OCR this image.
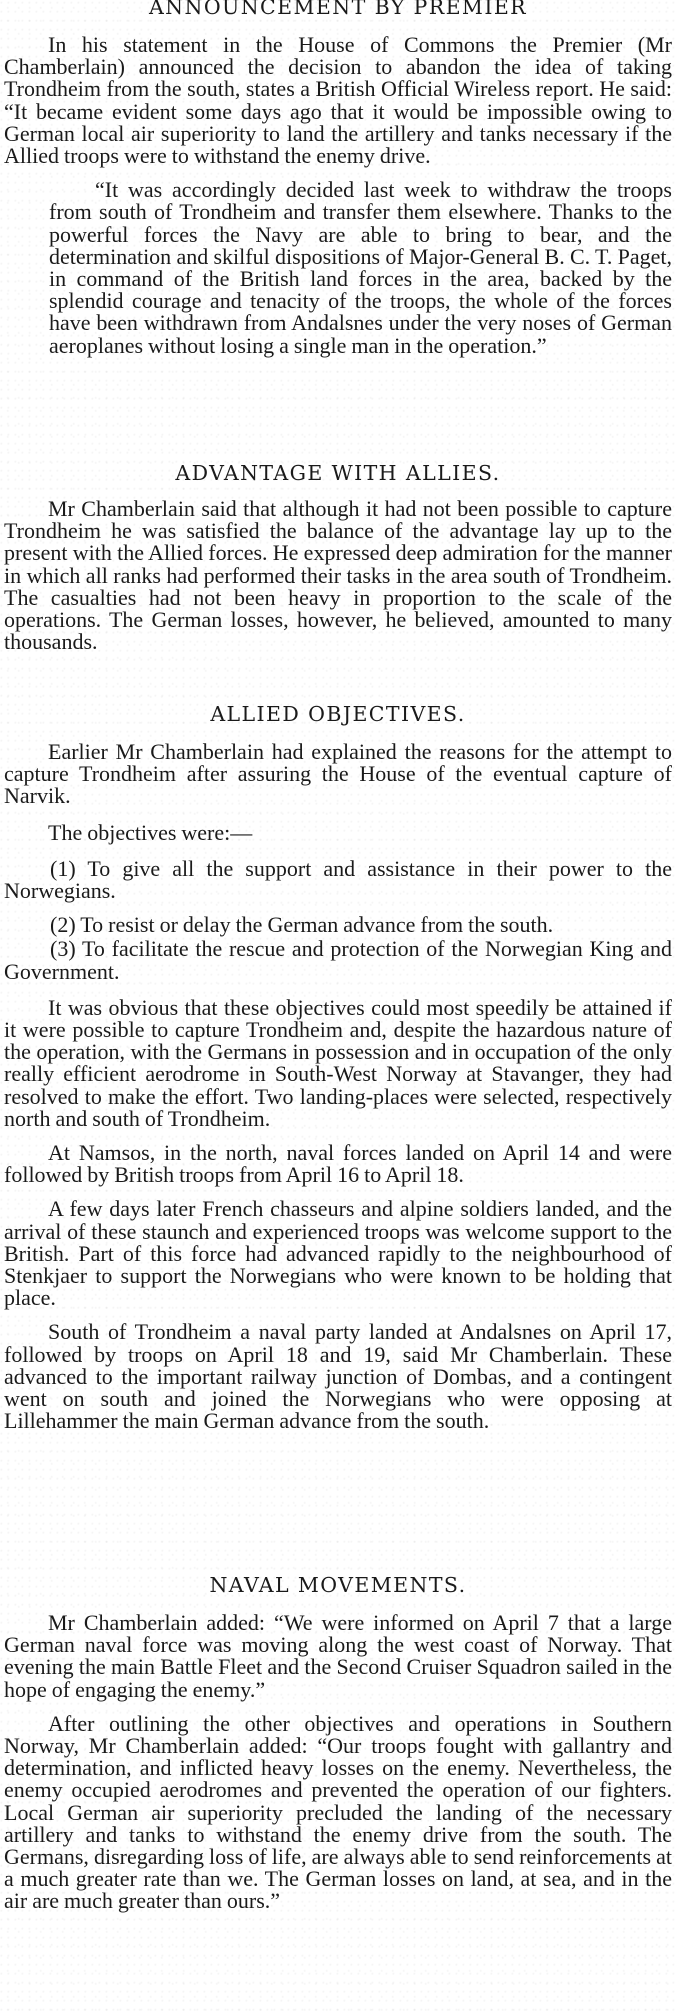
ANNOUNCEMENT BY PREMIER

In his statement in the House of Commons the Premier (Mr Chamberlain) announced the decision to abandon the idea of taking Trondheim from the south, states a British Official Wireless report. He said: “It became evident some days ago that it would be impossible owing to German local air superiority to land the artillery and tanks necessary if the Allied troops were to withstand the enemy drive.

“It was accordingly decided last week to withdraw the troops from south of Trondheim and transfer them elsewhere. Thanks to the powerful forces the Navy are able to bring to bear, and the determination and skilful dispositions of Major-General B. C. T. Paget, in command of the British land forces in the area, backed by the splendid courage and tenacity of the troops, the whole of the forces have been withdrawn from Andalsnes under the very noses of German aeroplanes without losing a single man in the operation.”

ADVANTAGE WITH ALLIES.

Mr Chamberlain said that although it had not been possible to capture Trondheim he was satisfied the balance of the advantage lay up to the present with the Allied forces. He expressed deep admiration for the manner in which all ranks had performed their tasks in the area south of Trondheim. The casualties had not been heavy in proportion to the scale of the operations. The German losses, however, he believed, amounted to many thousands.

ALLIED OBJECTIVES.

Earlier Mr Chamberlain had explained the reasons for the attempt to capture Trondheim after assuring the House of the eventual capture of Narvik.

The objectives were:—

(1) To give all the support and assistance in their power to the Norwegians.

(2) To resist or delay the German advance from the south.

(3) To facilitate the rescue and protection of the Norwegian King and Government.

It was obvious that these objectives could most speedily be attained if it were possible to capture Trondheim and, despite the hazardous nature of the operation, with the Germans in possession and in occupation of the only really efficient aerodrome in South-West Norway at Stavanger, they had resolved to make the effort. Two landing-places were selected, respectively north and south of Trondheim.

At Namsos, in the north, naval forces landed on April 14 and were followed by British troops from April 16 to April 18.

A few days later French chasseurs and alpine soldiers landed, and the arrival of these staunch and experienced troops was welcome support to the British. Part of this force had advanced rapidly to the neighbourhood of Stenkjaer to support the Norwegians who were known to be holding that place.

South of Trondheim a naval party landed at Andalsnes on April 17, followed by troops on April 18 and 19, said Mr Chamberlain. These advanced to the important railway junction of Dombas, and a contingent went on south and joined the Norwegians who were opposing at Lillehammer the main German advance from the south.

NAVAL MOVEMENTS.

Mr Chamberlain added: “We were informed on April 7 that a large German naval force was moving along the west coast of Norway. That evening the main Battle Fleet and the Second Cruiser Squadron sailed in the hope of engaging the enemy.”

After outlining the other objectives and operations in Southern Norway, Mr Chamberlain added: “Our troops fought with gallantry and determination, and inflicted heavy losses on the enemy. Nevertheless, the enemy occupied aerodromes and prevented the operation of our fighters. Local German air superiority precluded the landing of the necessary artillery and tanks to withstand the enemy drive from the south. The Germans, disregarding loss of life, are always able to send reinforcements at a much greater rate than we. The German losses on land, at sea, and in the air are much greater than ours.”
